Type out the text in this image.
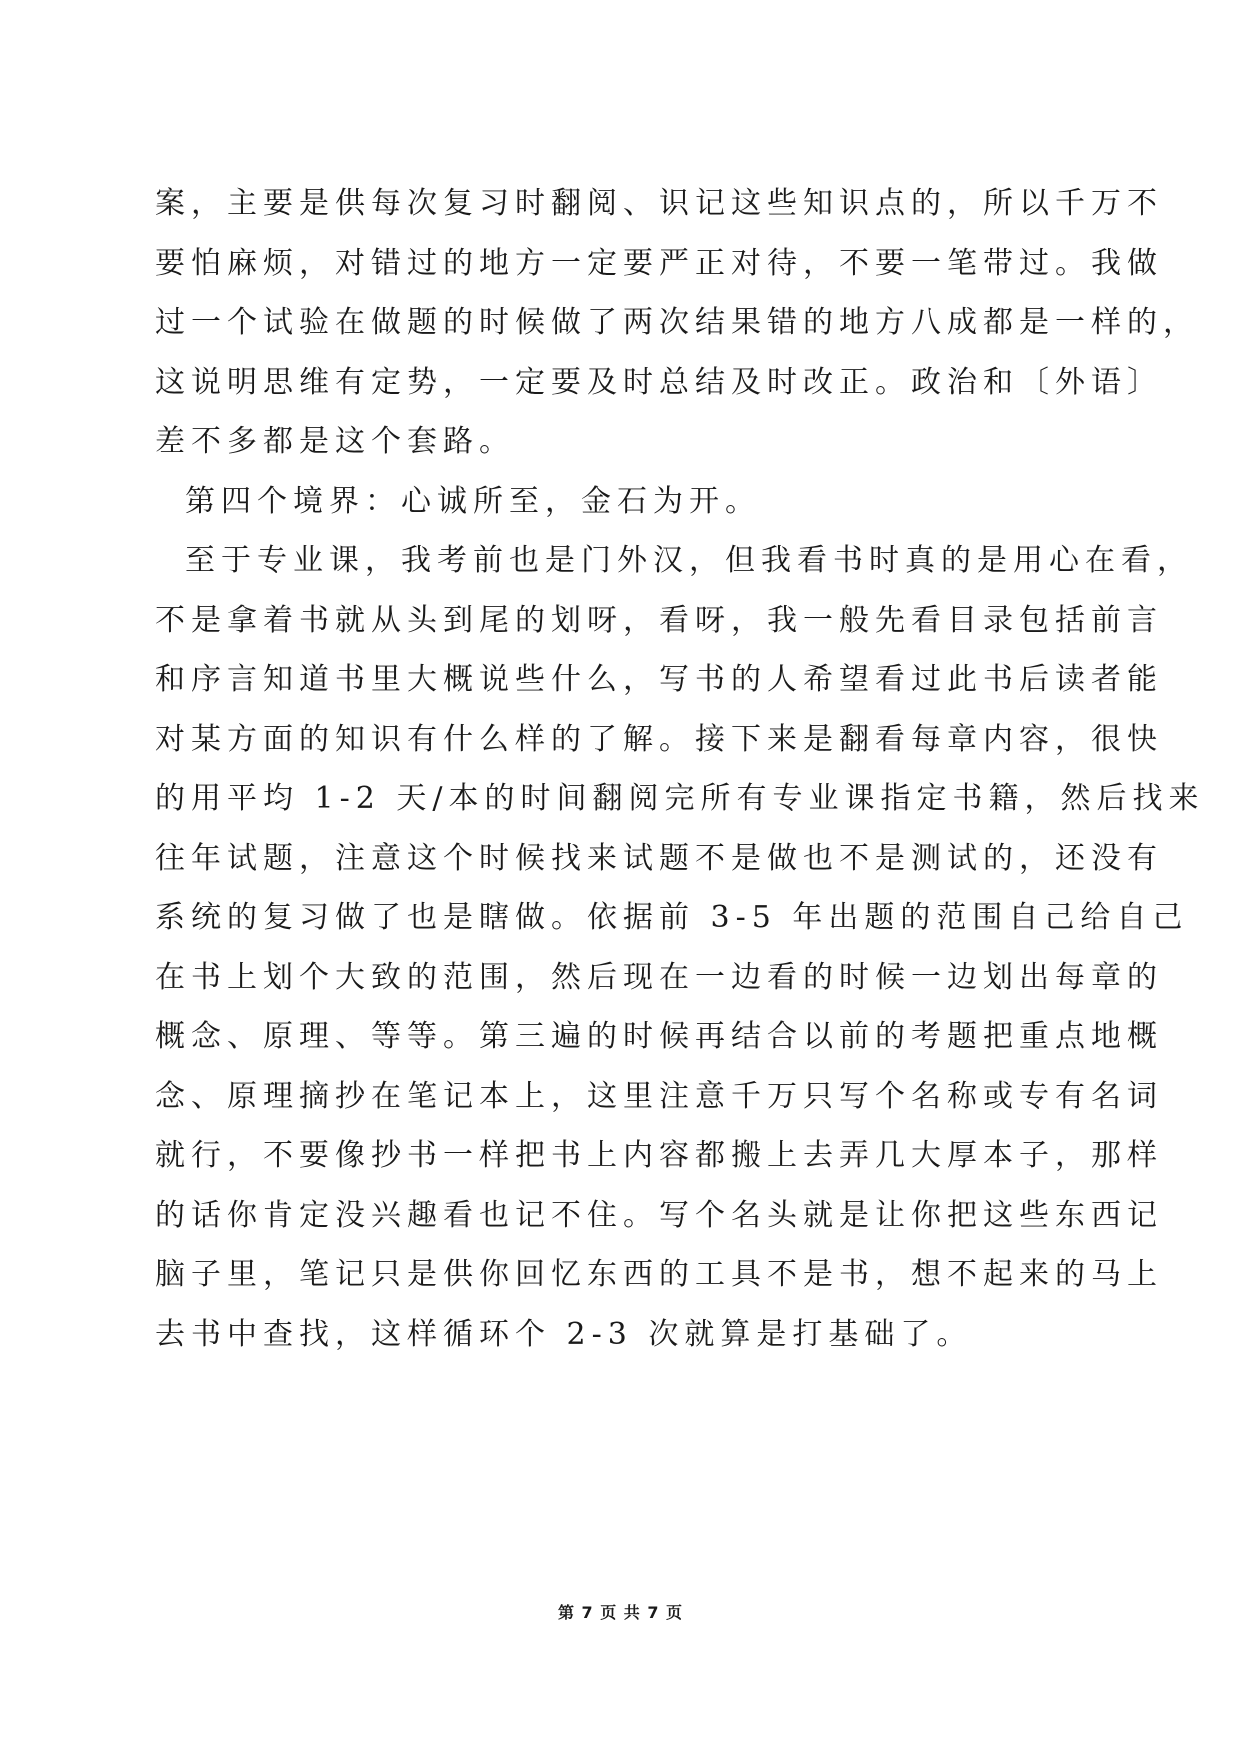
案，主要是供每次复习时翻阅、识记这些知识点的，所以千万不
要怕麻烦，对错过的地方一定要严正对待，不要一笔带过。我做
过一个试验在做题的时候做了两次结果错的地方八成都是一样的，
这说明思维有定势，一定要及时总结及时改正。政治和〔外语〕
差不多都是这个套路。
第四个境界：心诚所至，金石为开。
至于专业课，我考前也是门外汉，但我看书时真的是用心在看，
不是拿着书就从头到尾的划呀，看呀，我一般先看目录包括前言
和序言知道书里大概说些什么，写书的人希望看过此书后读者能
对某方面的知识有什么样的了解。接下来是翻看每章内容，很快
的用平均 1-2 天/本的时间翻阅完所有专业课指定书籍，然后找来
往年试题，注意这个时候找来试题不是做也不是测试的，还没有
系统的复习做了也是瞎做。依据前 3-5 年出题的范围自己给自己
在书上划个大致的范围，然后现在一边看的时候一边划出每章的
概念、原理、等等。第三遍的时候再结合以前的考题把重点地概
念、原理摘抄在笔记本上，这里注意千万只写个名称或专有名词
就行，不要像抄书一样把书上内容都搬上去弄几大厚本子，那样
的话你肯定没兴趣看也记不住。写个名头就是让你把这些东西记
脑子里，笔记只是供你回忆东西的工具不是书，想不起来的马上
去书中查找，这样循环个 2-3 次就算是打基础了。
第 7 页 共 7 页
